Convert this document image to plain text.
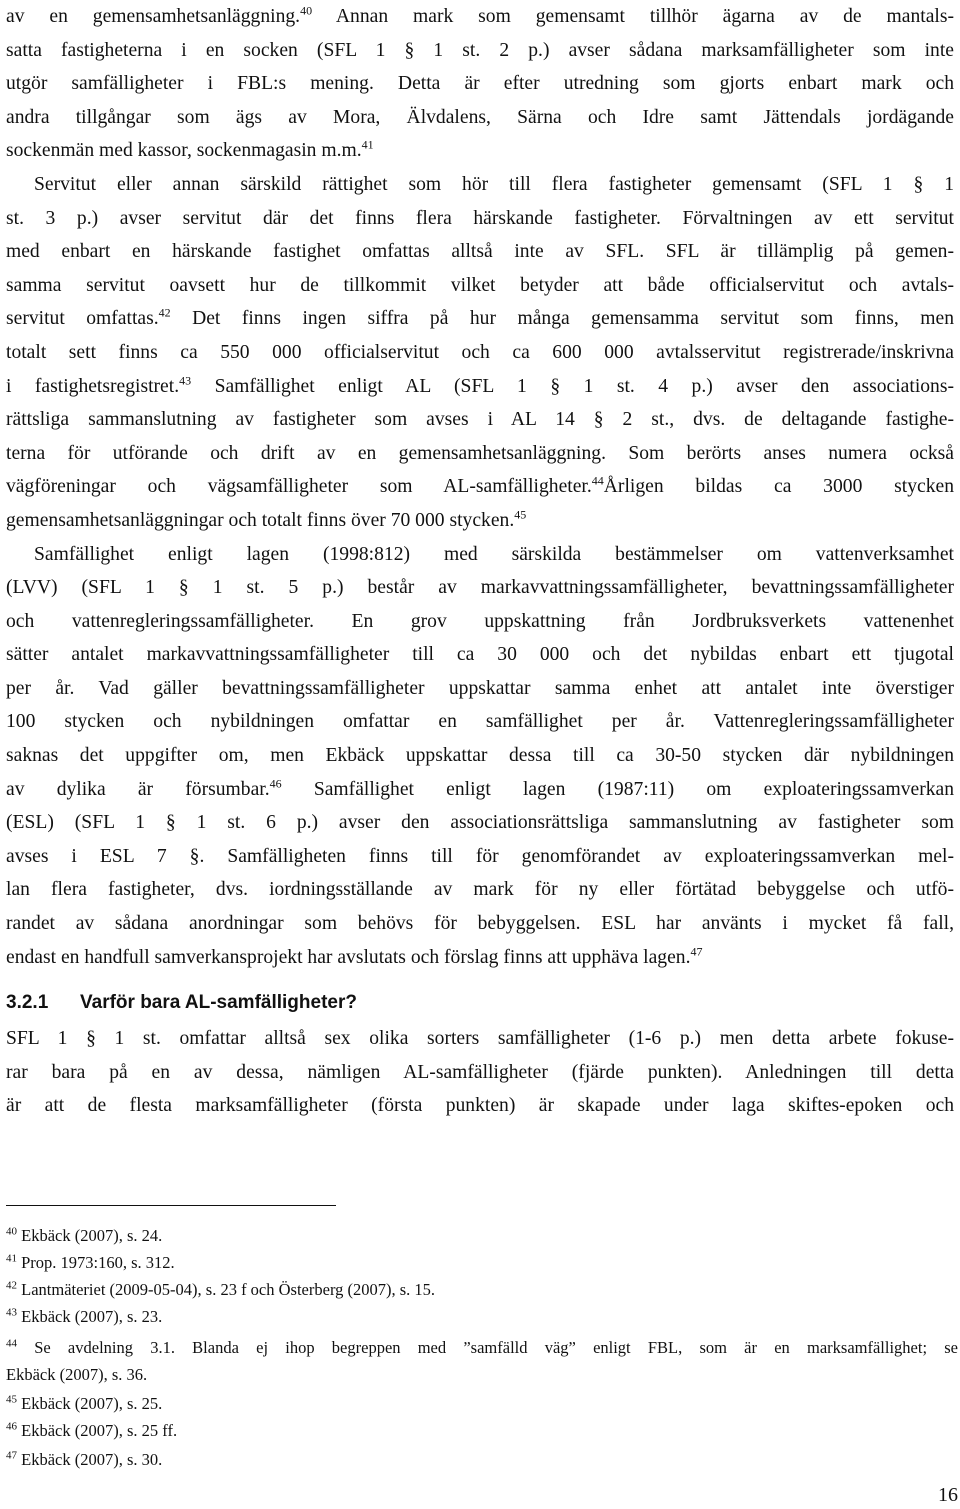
av en gemensamhetsanläggning.$^{40}$ Annan mark som gemensamt tillhör ägarna av de mantals-
satta fastigheterna i en socken (SFL 1 § 1 st. 2 p.) avser sådana marksamfälligheter som inte
utgör samfälligheter i FBL:s mening. Detta är efter utredning som gjorts enbart mark och
andra tillgångar som ägs av Mora, Älvdalens, Särna och Idre samt Jättendals jordägande
sockenmän med kassor, sockenmagasin m.m.$^{41}$
Servitut eller annan särskild rättighet som hör till flera fastigheter gemensamt (SFL 1 § 1
st. 3 p.) avser servitut där det finns flera härskande fastigheter. Förvaltningen av ett servitut
med enbart en härskande fastighet omfattas alltså inte av SFL. SFL är tillämplig på gemen-
samma servitut oavsett hur de tillkommit vilket betyder att både officialservitut och avtals-
servitut omfattas.$^{42}$ Det finns ingen siffra på hur många gemensamma servitut som finns, men
totalt sett finns ca 550 000 officialservitut och ca 600 000 avtalsservitut registrerade/inskrivna
i fastighetsregistret.$^{43}$ Samfällighet enligt AL (SFL 1 § 1 st. 4 p.) avser den associations-
rättsliga sammanslutning av fastigheter som avses i AL 14 § 2 st., dvs. de deltagande fastighe-
terna för utförande och drift av en gemensamhetsanläggning. Som berörts anses numera också
vägföreningar och vägsamfälligheter som AL-samfälligheter.$^{44}$Årligen bildas ca 3000 stycken
gemensamhetsanläggningar och totalt finns över 70 000 stycken.$^{45}$
Samfällighet enligt lagen (1998:812) med särskilda bestämmelser om vattenverksamhet
(LVV) (SFL 1 § 1 st. 5 p.) består av markavvattningssamfälligheter, bevattningssamfälligheter
och vattenregleringssamfälligheter. En grov uppskattning från Jordbruksverkets vattenenhet
sätter antalet markavvattningssamfälligheter till ca 30 000 och det nybildas enbart ett tjugotal
per år. Vad gäller bevattningssamfälligheter uppskattar samma enhet att antalet inte överstiger
100 stycken och nybildningen omfattar en samfällighet per år. Vattenregleringssamfälligheter
saknas det uppgifter om, men Ekbäck uppskattar dessa till ca 30-50 stycken där nybildningen
av dylika är försumbar.$^{46}$ Samfällighet enligt lagen (1987:11) om exploateringssamverkan
(ESL) (SFL 1 § 1 st. 6 p.) avser den associationsrättsliga sammanslutning av fastigheter som
avses i ESL 7 §. Samfälligheten finns till för genomförandet av exploateringssamverkan mel-
lan flera fastigheter, dvs. iordningsställande av mark för ny eller förtätad bebyggelse och utfö-
randet av sådana anordningar som behövs för bebyggelsen. ESL har använts i mycket få fall,
endast en handfull samverkansprojekt har avslutats och förslag finns att upphäva lagen.$^{47}$
3.2.1 Varför bara AL-samfälligheter?
SFL 1 § 1 st. omfattar alltså sex olika sorters samfälligheter (1-6 p.) men detta arbete fokuse-
rar bara på en av dessa, nämligen AL-samfälligheter (fjärde punkten). Anledningen till detta
är att de flesta marksamfälligheter (första punkten) är skapade under laga skiftes-epoken och
$^{40}$ Ekbäck (2007), s. 24.
$^{41}$ Prop. 1973:160, s. 312.
$^{42}$ Lantmäteriet (2009-05-04), s. 23 f och Österberg (2007), s. 15.
$^{43}$ Ekbäck (2007), s. 23.
$^{44}$ Se avdelning 3.1. Blanda ej ihop begreppen med ”samfälld väg” enligt FBL, som är en marksamfällighet; se
Ekbäck (2007), s. 36.
$^{45}$ Ekbäck (2007), s. 25.
$^{46}$ Ekbäck (2007), s. 25 ff.
$^{47}$ Ekbäck (2007), s. 30.
16
